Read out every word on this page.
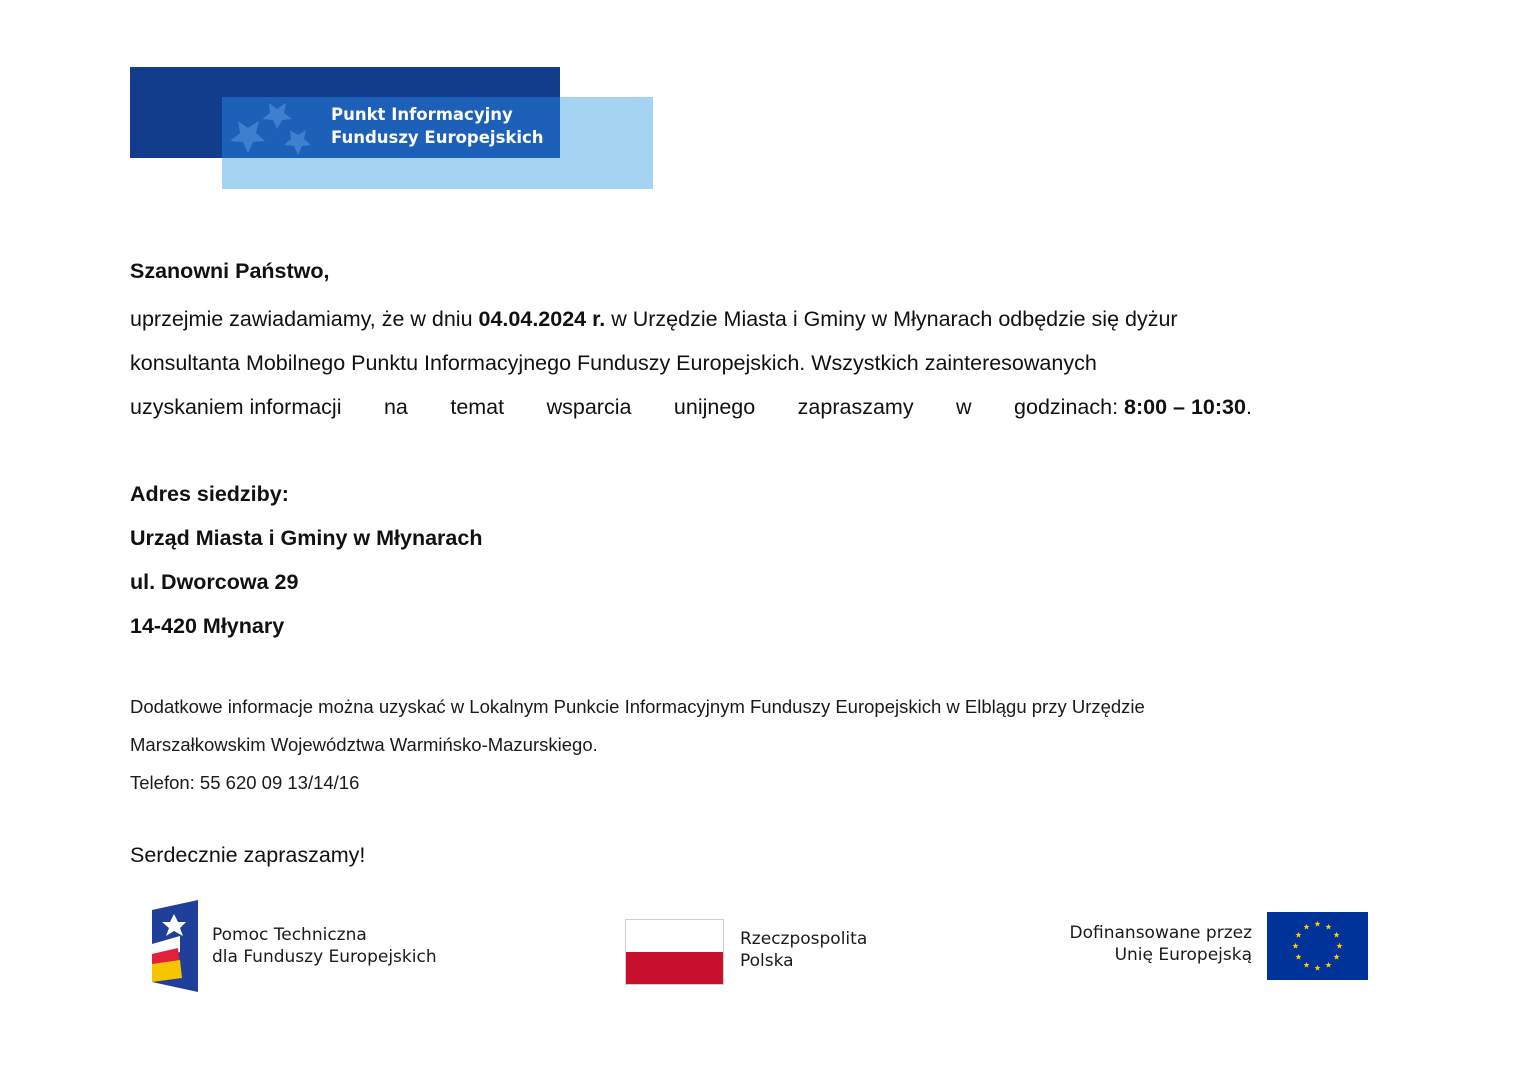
Punkt Informacyjny
Funduszy Europejskich
Szanowni Państwo,
uprzejmie zawiadamiamy, że w dniu 04.04.2024 r. w Urzędzie Miasta i Gminy w Młynarach odbędzie się dyżur
konsultanta Mobilnego Punktu Informacyjnego Funduszy Europejskich. Wszystkich zainteresowanych
uzyskaniem informacji na temat wsparcia unijnego zapraszamy w godzinach: 8:00 – 10:30.
Adres siedziby:
Urząd Miasta i Gminy w Młynarach
ul. Dworcowa 29
14-420 Młynary
Dodatkowe informacje można uzyskać w Lokalnym Punkcie Informacyjnym Funduszy Europejskich w Elblągu przy Urzędzie
Marszałkowskim Województwa Warmińsko-Mazurskiego.
Telefon: 55 620 09 13/14/16
Serdecznie zapraszamy!
Pomoc Techniczna
dla Funduszy Europejskich
Rzeczpospolita
Polska
Dofinansowane przez
Unię Europejską
